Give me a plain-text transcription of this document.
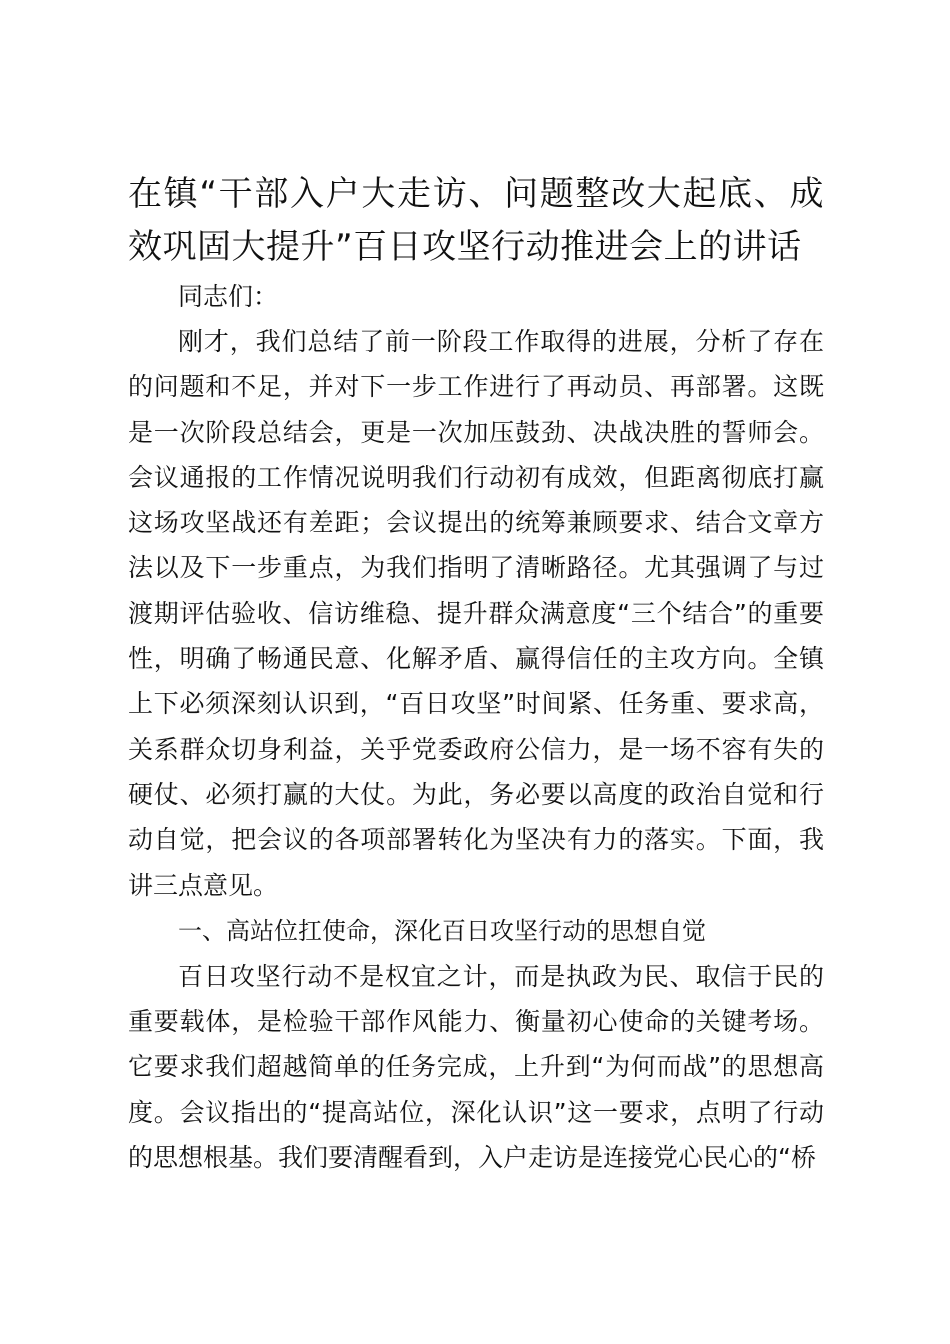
在镇“干部入户大走访、问题整改大起底、成效巩固大提升”百日攻坚行动推进会上的讲话

同志们：

刚才，我们总结了前一阶段工作取得的进展，分析了存在的问题和不足，并对下一步工作进行了再动员、再部署。这既是一次阶段总结会，更是一次加压鼓劲、决战决胜的誓师会。会议通报的工作情况说明我们行动初有成效，但距离彻底打赢这场攻坚战还有差距；会议提出的统筹兼顾要求、结合文章方法以及下一步重点，为我们指明了清晰路径。尤其强调了与过渡期评估验收、信访维稳、提升群众满意度“三个结合”的重要性，明确了畅通民意、化解矛盾、赢得信任的主攻方向。全镇上下必须深刻认识到，“百日攻坚”时间紧、任务重、要求高，关系群众切身利益，关乎党委政府公信力，是一场不容有失的硬仗、必须打赢的大仗。为此，务必要以高度的政治自觉和行动自觉，把会议的各项部署转化为坚决有力的落实。下面，我讲三点意见。

一、高站位扛使命，深化百日攻坚行动的思想自觉

百日攻坚行动不是权宜之计，而是执政为民、取信于民的重要载体，是检验干部作风能力、衡量初心使命的关键考场。它要求我们超越简单的任务完成，上升到“为何而战”的思想高度。会议指出的“提高站位，深化认识”这一要求，点明了行动的思想根基。我们要清醒看到，入户走访是连接党心民心的“桥
